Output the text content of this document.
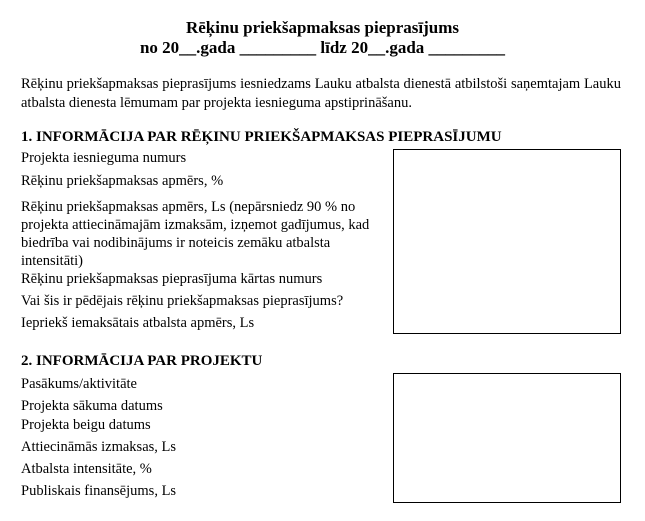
Rēķinu priekšapmaksas pieprasījums
no 20__.gada _________ līdz 20__.gada _________
Rēķinu priekšapmaksas pieprasījums iesniedzams Lauku atbalsta dienestā atbilstoši saņemtajam Lauku atbalsta dienesta lēmumam par projekta iesnieguma apstiprināšanu.
1. INFORMĀCIJA PAR RĒĶINU PRIEKŠAPMAKSAS PIEPRASĪJUMU
Projekta iesnieguma numurs
Rēķinu priekšapmaksas apmērs, %
Rēķinu priekšapmaksas apmērs, Ls (nepārsniedz 90 % no projekta attiecināmajām izmaksām, izņemot gadījumus, kad biedrība vai nodibinājums ir noteicis zemāku atbalsta intensitāti)
Rēķinu priekšapmaksas pieprasījuma kārtas numurs
Vai šis ir pēdējais rēķinu priekšapmaksas pieprasījums?
Iepriekš iemaksātais atbalsta apmērs, Ls
2. INFORMĀCIJA PAR PROJEKTU
Pasākums/aktivitāte
Projekta sākuma datums
Projekta beigu datums
Attiecināmās izmaksas, Ls
Atbalsta intensitāte, %
Publiskais finansējums, Ls
